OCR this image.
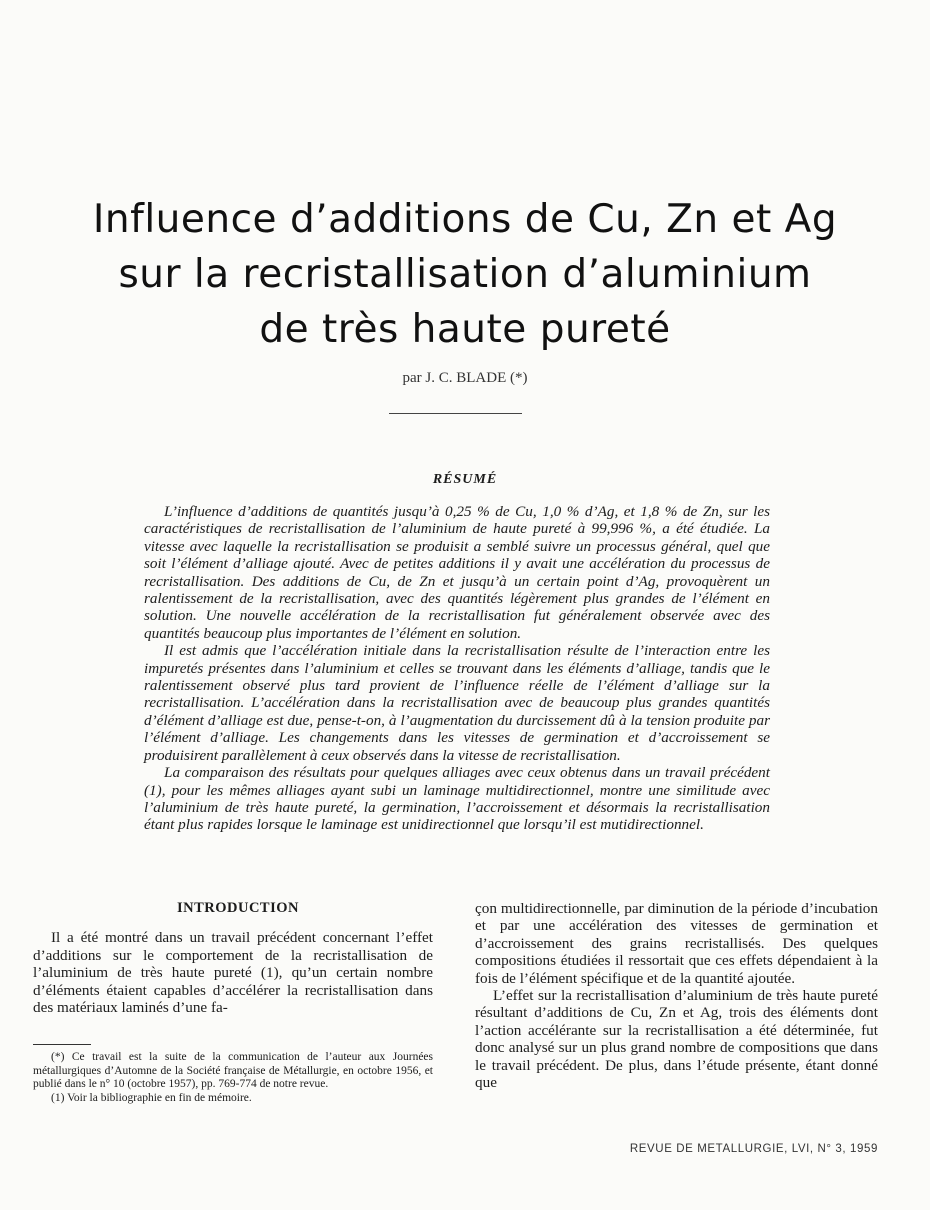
Influence d’additions de Cu, Zn et Ag
sur la recristallisation d’aluminium
de très haute pureté
par J. C. BLADE (*)
RÉSUMÉ

L’influence d’additions de quantités jusqu’à 0,25 % de Cu, 1,0 % d’Ag, et 1,8 % de Zn, sur les caractéristiques de recristallisation de l’aluminium de haute pureté à 99,996 %, a été étudiée. La vitesse avec laquelle la recristallisation se produisit a semblé suivre un processus général, quel que soit l’élément d’alliage ajouté. Avec de petites additions il y avait une accélération du processus de recristallisation. Des additions de Cu, de Zn et jusqu’à un certain point d’Ag, provoquèrent un ralentissement de la recristallisation, avec des quantités légèrement plus grandes de l’élément en solution. Une nouvelle accélération de la recristallisation fut généralement observée avec des quantités beaucoup plus importantes de l’élément en solution.

Il est admis que l’accélération initiale dans la recristallisation résulte de l’interaction entre les impuretés présentes dans l’aluminium et celles se trouvant dans les éléments d’alliage, tandis que le ralentissement observé plus tard provient de l’influence réelle de l’élément d’alliage sur la recristallisation. L’accélération dans la recristallisation avec de beaucoup plus grandes quantités d’élément d’alliage est due, pense-t-on, à l’augmentation du durcissement dû à la tension produite par l’élément d’alliage. Les changements dans les vitesses de germination et d’accroissement se produisirent parallèlement à ceux observés dans la vitesse de recristallisation.

La comparaison des résultats pour quelques alliages avec ceux obtenus dans un travail précédent (1), pour les mêmes alliages ayant subi un laminage multidirectionnel, montre une similitude avec l’aluminium de très haute pureté, la germination, l’accroissement et désormais la recristallisation étant plus rapides lorsque le laminage est unidirectionnel que lorsqu’il est mutidirectionnel.

INTRODUCTION

Il a été montré dans un travail précédent concernant l’effet d’additions sur le comportement de la recristallisation de l’aluminium de très haute pureté (1), qu’un certain nombre d’éléments étaient capables d’accélérer la recristallisation dans des matériaux laminés d’une fa-

(*) Ce travail est la suite de la communication de l’auteur aux Journées métallurgiques d’Automne de la Société française de Métallurgie, en octobre 1956, et publié dans le n° 10 (octobre 1957), pp. 769-774 de notre revue.

(1) Voir la bibliographie en fin de mémoire.

çon multidirectionnelle, par diminution de la période d’incubation et par une accélération des vitesses de germination et d’accroissement des grains recristallisés. Des quelques compositions étudiées il ressortait que ces effets dépendaient à la fois de l’élément spécifique et de la quantité ajoutée.

L’effet sur la recristallisation d’aluminium de très haute pureté résultant d’additions de Cu, Zn et Ag, trois des éléments dont l’action accélérante sur la recristallisation a été déterminée, fut donc analysé sur un plus grand nombre de compositions que dans le travail précédent. De plus, dans l’étude présente, étant donné que

REVUE DE METALLURGIE, LVI, N° 3, 1959
